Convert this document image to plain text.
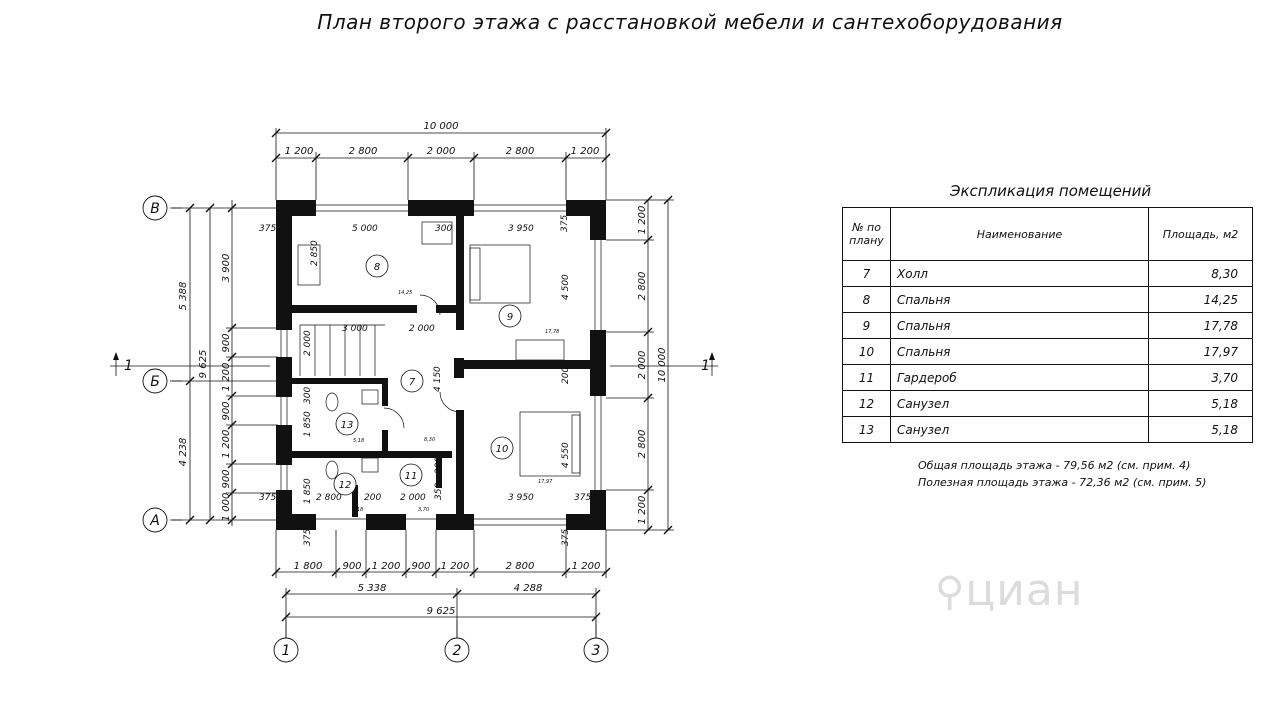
План второго этажа с расстановкой мебели и сантехоборудования
В
Б
А
1	2	3
1	1
8
9
7
10
13
12
11
14,25
17,78
5,18	8,30
17,97
5,18	3,70
10 000
1 200	2 800	2 000	2 800	1 200
1 800 900 1 200 900 1 200	2 800	1 200
5 338	4 288
9 625
5 388
9 625
4 238
3 900
900
1 200
900
1 200
900
1 000
1 200
2 800
2 000
2 800
1 200
10 000
375	5 000	300	3 950	375
2 850
4 500
3 000	2 000
2 000
4 150	200
300
1 850
4 550
200
1 850 2 800 200 2 000 350	3 950	375
375
375	375
⚲циан
Экспликация помещений
№ по плану	Наименование	Площадь, м2
7	Холл	8,30
8	Спальня	14,25
9	Спальня	17,78
10	Спальня	17,97
11	Гардероб	3,70
12	Санузел	5,18
13	Санузел	5,18
Общая площадь этажа - 79,56 м2 (см. прим. 4)
Полезная площадь этажа - 72,36 м2 (см. прим. 5)
